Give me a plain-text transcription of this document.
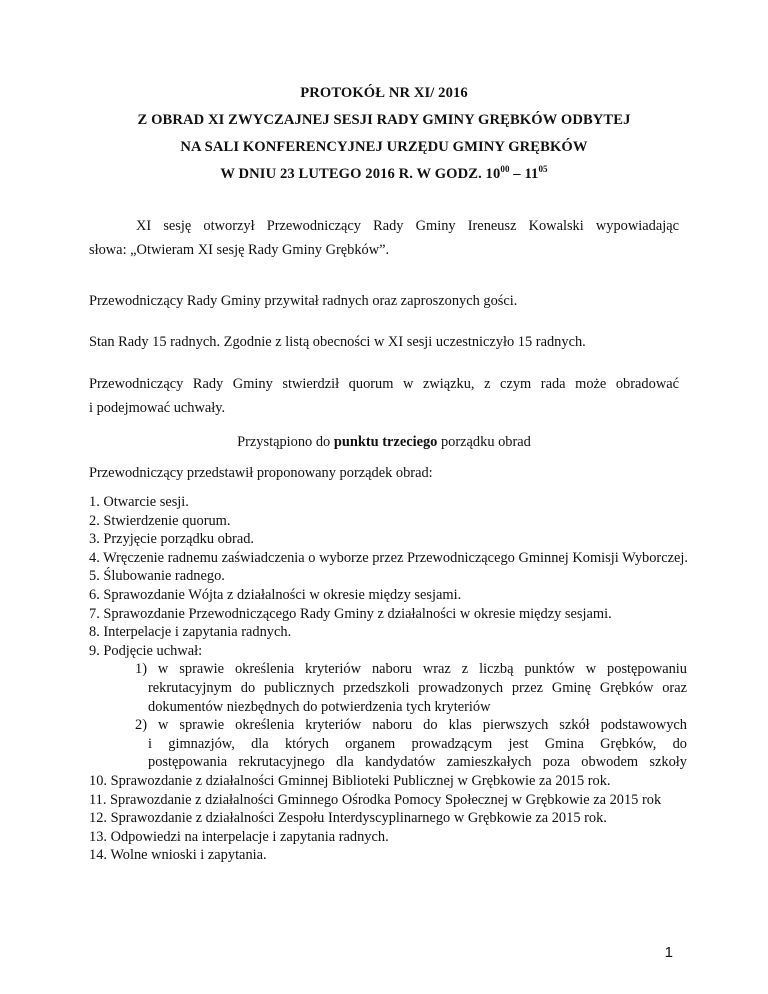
PROTOKÓŁ NR XI/ 2016
Z OBRAD XI ZWYCZAJNEJ SESJI RADY GMINY GRĘBKÓW ODBYTEJ
NA SALI KONFERENCYJNEJ URZĘDU GMINY GRĘBKÓW
W DNIU 23 LUTEGO 2016 R. W GODZ. $10^{00} - 11^{05}$
XI sesję otworzył Przewodniczący Rady Gminy Ireneusz Kowalski wypowiadając
słowa: „Otwieram XI sesję Rady Gminy Grębków”.
Przewodniczący Rady Gminy przywitał radnych oraz zaproszonych gości.
Stan Rady 15 radnych. Zgodnie z listą obecności w XI sesji uczestniczyło 15 radnych.
Przewodniczący Rady Gminy stwierdził quorum w związku, z czym rada może obradować
i podejmować uchwały.
Przystąpiono do punktu trzeciego porządku obrad
Przewodniczący przedstawił proponowany porządek obrad:
1. Otwarcie sesji.
2. Stwierdzenie quorum.
3. Przyjęcie porządku obrad.
4. Wręczenie radnemu zaświadczenia o wyborze przez Przewodniczącego Gminnej Komisji Wyborczej.
5. Ślubowanie radnego.
6. Sprawozdanie Wójta z działalności w okresie między sesjami.
7. Sprawozdanie Przewodniczącego Rady Gminy z działalności w okresie między sesjami.
8. Interpelacje i zapytania radnych.
9. Podjęcie uchwał:
1) w sprawie określenia kryteriów naboru wraz z liczbą punktów w postępowaniu
rekrutacyjnym do publicznych przedszkoli prowadzonych przez Gminę Grębków oraz
dokumentów niezbędnych do potwierdzenia tych kryteriów
2) w sprawie określenia kryteriów naboru do klas pierwszych szkół podstawowych
i gimnazjów, dla których organem prowadzącym jest Gmina Grębków, do
postępowania rekrutacyjnego dla kandydatów zamieszkałych poza obwodem szkoły
10. Sprawozdanie z działalności Gminnej Biblioteki Publicznej w Grębkowie za 2015 rok.
11. Sprawozdanie z działalności Gminnego Ośrodka Pomocy Społecznej w Grębkowie za 2015 rok
12. Sprawozdanie z działalności Zespołu Interdyscyplinarnego w Grębkowie za 2015 rok.
13. Odpowiedzi na interpelacje i zapytania radnych.
14. Wolne wnioski i zapytania.
1
